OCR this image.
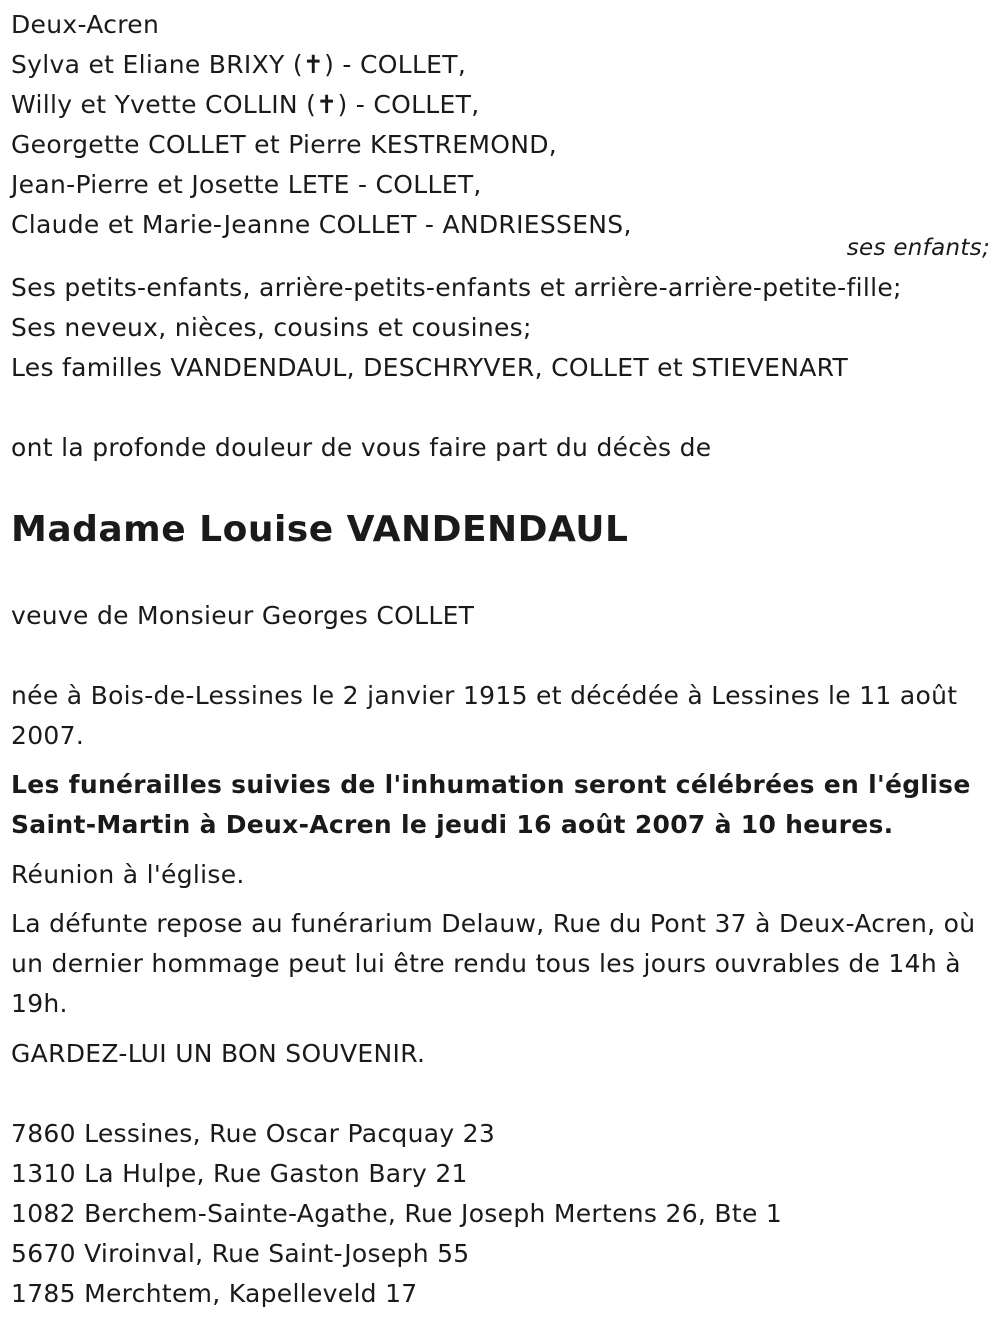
Deux-Acren
Sylva et Eliane BRIXY (✝) - COLLET,
Willy et Yvette COLLIN (✝) - COLLET,
Georgette COLLET et Pierre KESTREMOND,
Jean-Pierre et Josette LETE - COLLET,
Claude et Marie-Jeanne COLLET - ANDRIESSENS,
ses enfants;
Ses petits-enfants, arrière-petits-enfants et arrière-arrière-petite-fille;
Ses neveux, nièces, cousins et cousines;
Les familles VANDENDAUL, DESCHRYVER, COLLET et STIEVENART
ont la profonde douleur de vous faire part du décès de
Madame Louise VANDENDAUL
veuve de Monsieur Georges COLLET
née à Bois-de-Lessines le 2 janvier 1915 et décédée à Lessines le 11 août 2007.
Les funérailles suivies de l'inhumation seront célébrées en l'église Saint-Martin à Deux-Acren le jeudi 16 août 2007 à 10 heures.
Réunion à l'église.
La défunte repose au funérarium Delauw, Rue du Pont 37 à Deux-Acren, où un dernier hommage peut lui être rendu tous les jours ouvrables de 14h à 19h.
GARDEZ-LUI UN BON SOUVENIR.
7860 Lessines, Rue Oscar Pacquay 23
1310 La Hulpe, Rue Gaston Bary 21
1082 Berchem-Sainte-Agathe, Rue Joseph Mertens 26, Bte 1
5670 Viroinval, Rue Saint-Joseph 55
1785 Merchtem, Kapelleveld 17
